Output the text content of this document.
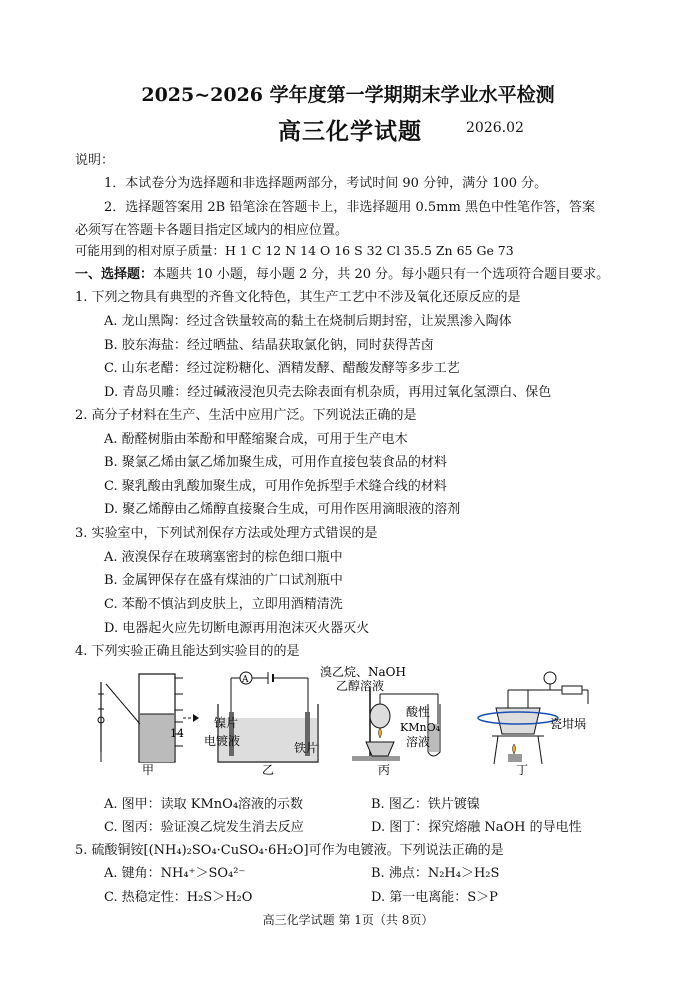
2025~2026 学年度第一学期期末学业水平检测
高三化学试题	2026.02
说明：
1．本试卷分为选择题和非选择题两部分，考试时间 90 分钟，满分 100 分。
2．选择题答案用 2B 铅笔涂在答题卡上，非选择题用 0.5mm 黑色中性笔作答，答案
必须写在答题卡各题目指定区域内的相应位置。
可能用到的相对原子质量：H 1 C 12 N 14 O 16 S 32 Cl 35.5 Zn 65 Ge 73
一、选择题：本题共 10 小题，每小题 2 分，共 20 分。每小题只有一个选项符合题目要求。
1. 下列之物具有典型的齐鲁文化特色，其生产工艺中不涉及氧化还原反应的是
A. 龙山黑陶：经过含铁量较高的黏土在烧制后期封窑，让炭黑渗入陶体
B. 胶东海盐：经过晒盐、结晶获取氯化钠，同时获得苦卤
C. 山东老醋：经过淀粉糖化、酒精发酵、醋酸发酵等多步工艺
D. 青岛贝雕：经过碱液浸泡贝壳去除表面有机杂质，再用过氧化氢漂白、保色
2. 高分子材料在生产、生活中应用广泛。下列说法正确的是
A. 酚醛树脂由苯酚和甲醛缩聚合成，可用于生产电木
B. 聚氯乙烯由氯乙烯加聚生成，可用作直接包装食品的材料
C. 聚乳酸由乳酸加聚生成，可用作免拆型手术缝合线的材料
D. 聚乙烯醇由乙烯醇直接聚合生成，可用作医用滴眼液的溶剂
3. 实验室中，下列试剂保存方法或处理方式错误的是
A. 液溴保存在玻璃塞密封的棕色细口瓶中
B. 金属钾保存在盛有煤油的广口试剂瓶中
C. 苯酚不慎沾到皮肤上，立即用酒精清洗
D. 电器起火应先切断电源再用泡沫灭火器灭火
4. 下列实验正确且能达到实验目的的是
14
甲
A
镍片
电镀液	铁片
乙
溴乙烷、NaOH
乙醇溶液
酸性
KMnO₄
溶液
丙
瓷坩埚
丁
A. 图甲：读取 KMnO₄溶液的示数	B. 图乙：铁片镀镍
C. 图丙：验证溴乙烷发生消去反应	D. 图丁：探究熔融 NaOH 的导电性
5. 硫酸铜铵[(NH₄)₂SO₄·CuSO₄·6H₂O]可作为电镀液。下列说法正确的是
A. 键角：NH₄⁺＞SO₄²⁻	B. 沸点：N₂H₄＞H₂S
C. 热稳定性：H₂S＞H₂O	D. 第一电离能：S＞P
高三化学试题 第 1页（共 8页）
